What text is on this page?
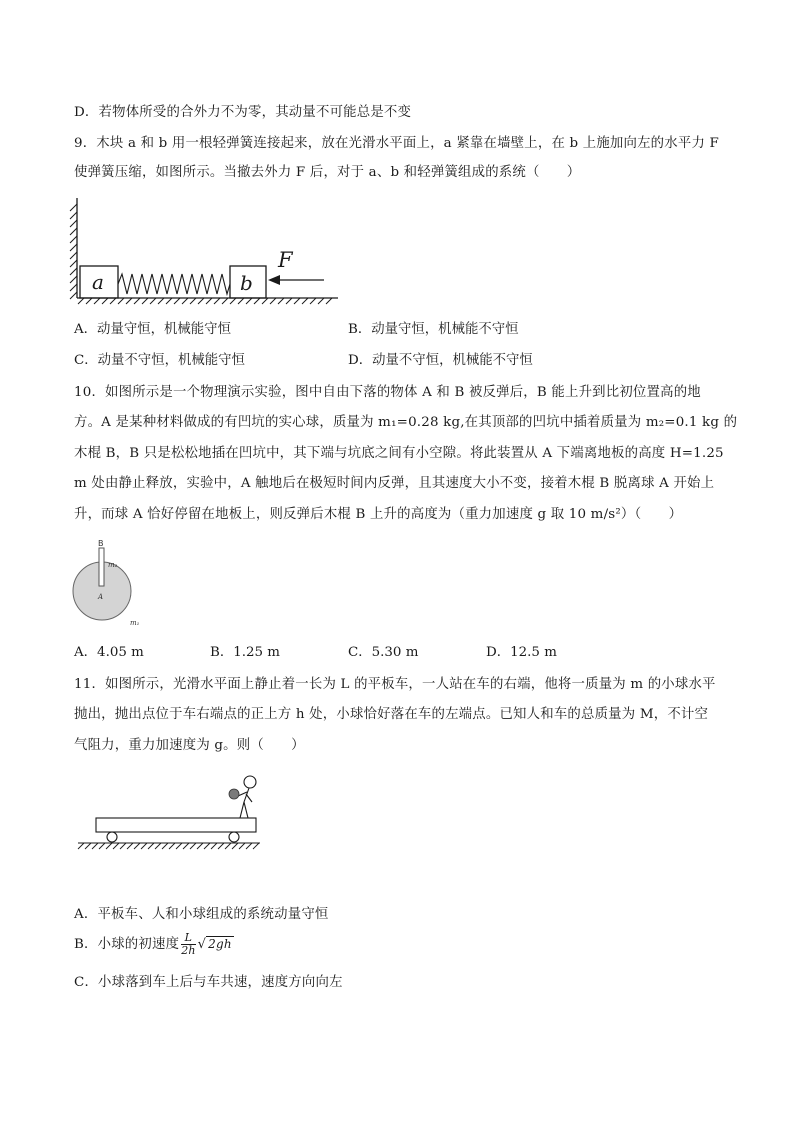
D．若物体所受的合外力不为零，其动量不可能总是不变

9．木块 a 和 b 用一根轻弹簧连接起来，放在光滑水平面上，a 紧靠在墙壁上，在 b 上施加向左的水平力 F

使弹簧压缩，如图所示。当撤去外力 F 后，对于 a、b 和轻弹簧组成的系统（　　）

a	b
F

A．动量守恒，机械能守恒	B．动量守恒，机械能不守恒

C．动量不守恒，机械能守恒	D．动量不守恒，机械能不守恒

10．如图所示是一个物理演示实验，图中自由下落的物体 A 和 B 被反弹后，B 能上升到比初位置高的地

方。A 是某种材料做成的有凹坑的实心球，质量为 m₁=0.28 kg,在其顶部的凹坑中插着质量为 m₂=0.1 kg 的

木棍 B，B 只是松松地插在凹坑中，其下端与坑底之间有小空隙。将此装置从 A 下端离地板的高度 H=1.25

m 处由静止释放，实验中，A 触地后在极短时间内反弹，且其速度大小不变，接着木棍 B 脱离球 A 开始上

升，而球 A 恰好停留在地板上，则反弹后木棍 B 上升的高度为（重力加速度 g 取 10 m/s²）（　　）

B
m₂
A
m₁

A．4.05 m	B．1.25 m	C．5.30 m	D．12.5 m

11．如图所示，光滑水平面上静止着一长为 L 的平板车，一人站在车的右端，他将一质量为 m 的小球水平

抛出，抛出点位于车右端点的正上方 h 处，小球恰好落在车的左端点。已知人和车的总质量为 M，不计空

气阻力，重力加速度为 g。则（　　）

A．平板车、人和小球组成的系统动量守恒

B．小球的初速度 $\frac{L}{2h}$ √ 2gh

C．小球落到车上后与车共速，速度方向向左
